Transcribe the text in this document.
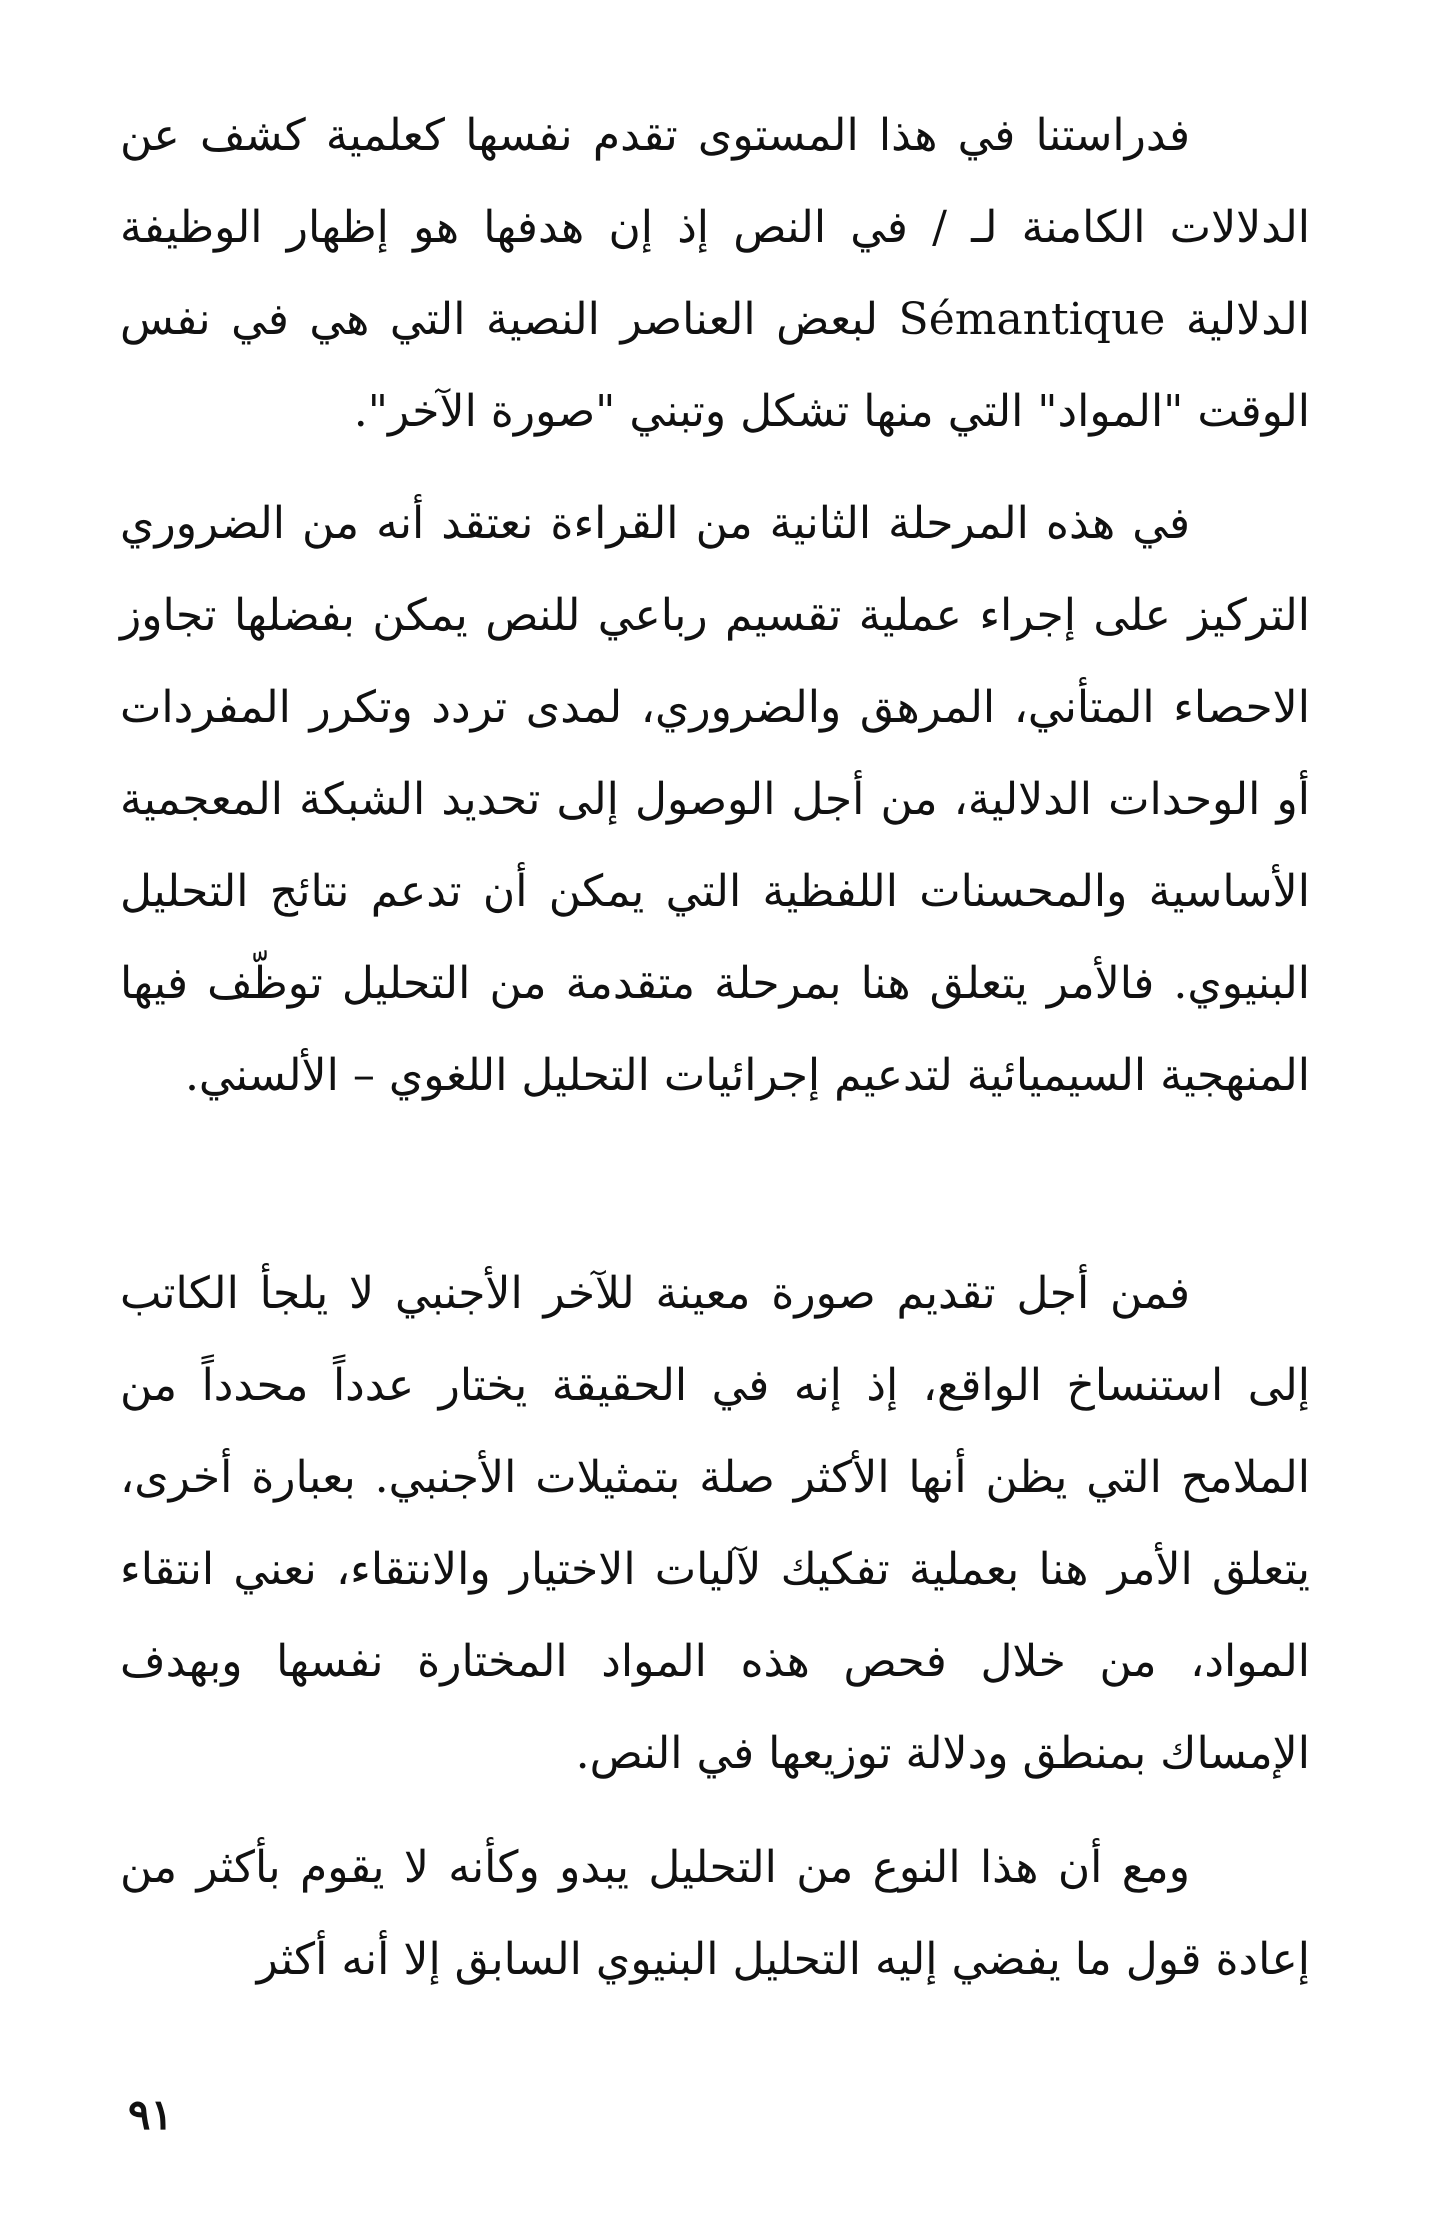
فدراستنا في هذا المستوى تقدم نفسها كعلمية كشف عن الدلالات الكامنة لـ / في النص إذ إن هدفها هو إظهار الوظيفة الدلالية Sémantique لبعض العناصر النصية التي هي في نفس الوقت "المواد" التي منها تشكل وتبني "صورة الآخر".

في هذه المرحلة الثانية من القراءة نعتقد أنه من الضروري التركيز على إجراء عملية تقسيم رباعي للنص يمكن بفضلها تجاوز الاحصاء المتأني، المرهق والضروري، لمدى تردد وتكرر المفردات أو الوحدات الدلالية، من أجل الوصول إلى تحديد الشبكة المعجمية الأساسية والمحسنات اللفظية التي يمكن أن تدعم نتائج التحليل البنيوي. فالأمر يتعلق هنا بمرحلة متقدمة من التحليل توظّف فيها المنهجية السيميائية لتدعيم إجرائيات التحليل اللغوي – الألسني.

فمن أجل تقديم صورة معينة للآخر الأجنبي لا يلجأ الكاتب إلى استنساخ الواقع، إذ إنه في الحقيقة يختار عدداً محدداً من الملامح التي يظن أنها الأكثر صلة بتمثيلات الأجنبي. بعبارة أخرى، يتعلق الأمر هنا بعملية تفكيك لآليات الاختيار والانتقاء، نعني انتقاء المواد، من خلال فحص هذه المواد المختارة نفسها وبهدف الإمساك بمنطق ودلالة توزيعها في النص.

ومع أن هذا النوع من التحليل يبدو وكأنه لا يقوم بأكثر من إعادة قول ما يفضي إليه التحليل البنيوي السابق إلا أنه أكثر

٩١
